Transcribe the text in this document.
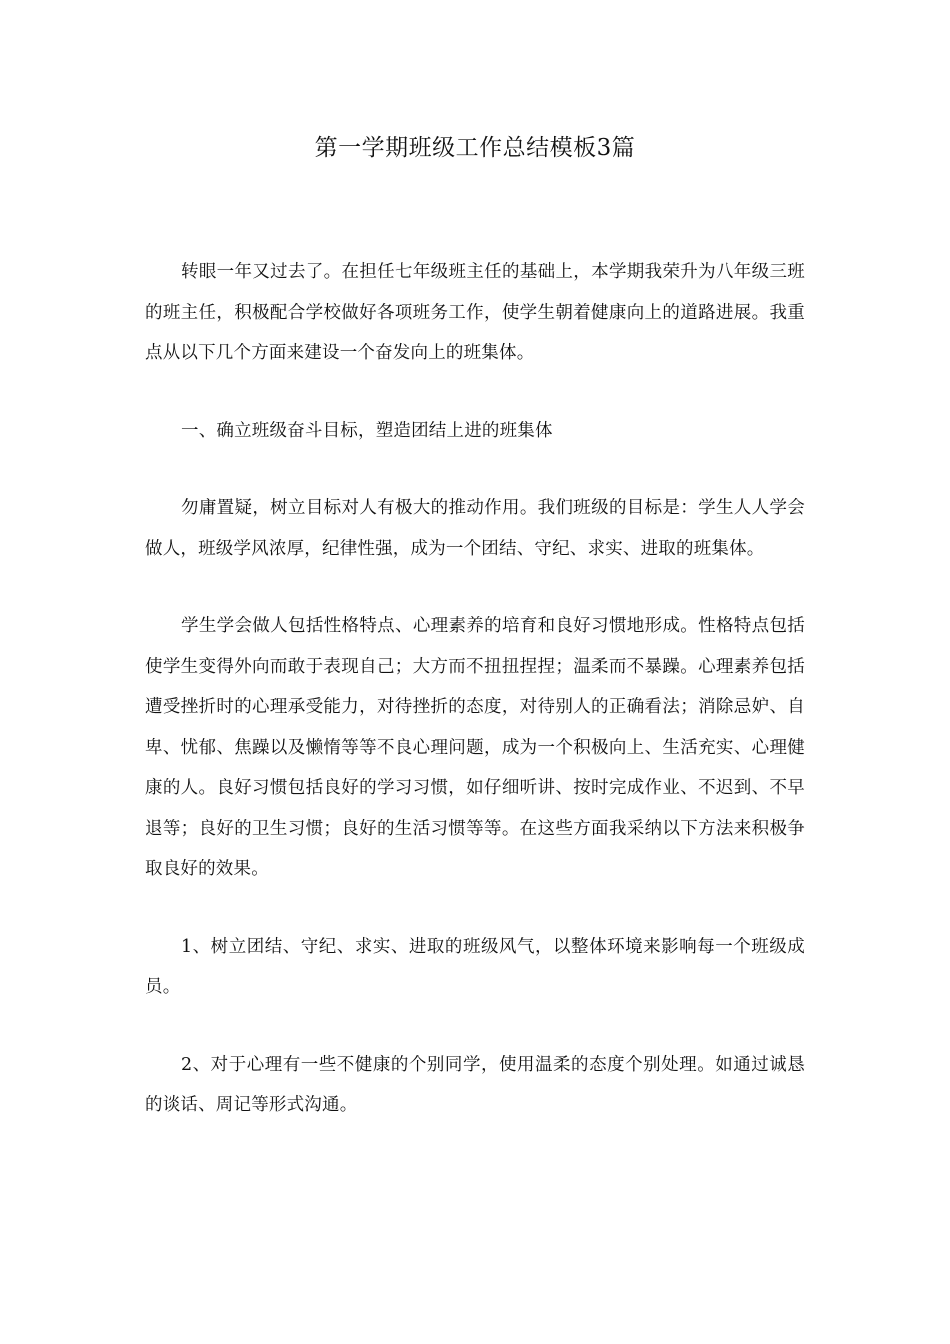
第一学期班级工作总结模板3篇

转眼一年又过去了。在担任七年级班主任的基础上，本学期我荣升为八年级三班的班主任，积极配合学校做好各项班务工作，使学生朝着健康向上的道路进展。我重点从以下几个方面来建设一个奋发向上的班集体。

一、确立班级奋斗目标，塑造团结上进的班集体

勿庸置疑，树立目标对人有极大的推动作用。我们班级的目标是：学生人人学会做人，班级学风浓厚，纪律性强，成为一个团结、守纪、求实、进取的班集体。

学生学会做人包括性格特点、心理素养的培育和良好习惯地形成。性格特点包括使学生变得外向而敢于表现自己；大方而不扭扭捏捏；温柔而不暴躁。心理素养包括遭受挫折时的心理承受能力，对待挫折的态度，对待别人的正确看法；消除忌妒、自卑、忧郁、焦躁以及懒惰等等不良心理问题，成为一个积极向上、生活充实、心理健康的人。良好习惯包括良好的学习习惯，如仔细听讲、按时完成作业、不迟到、不早退等；良好的卫生习惯；良好的生活习惯等等。在这些方面我采纳以下方法来积极争取良好的效果。

1、树立团结、守纪、求实、进取的班级风气，以整体环境来影响每一个班级成员。

2、对于心理有一些不健康的个别同学，使用温柔的态度个别处理。如通过诚恳的谈话、周记等形式沟通。
